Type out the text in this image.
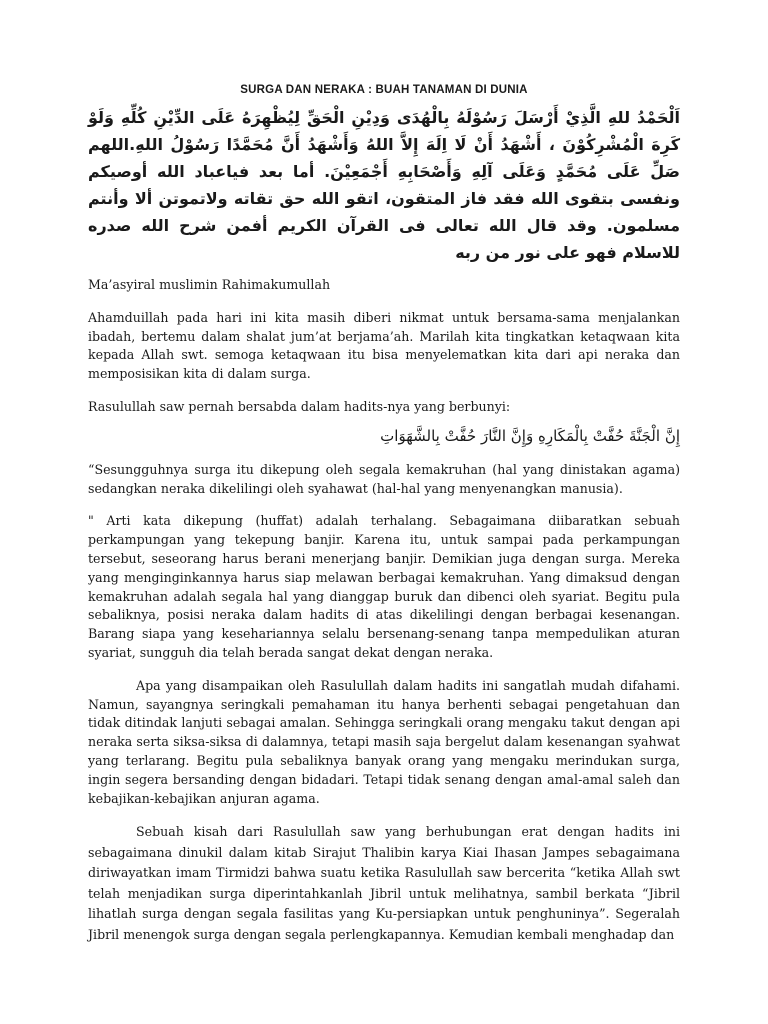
SURGA DAN NERAKA : BUAH TANAMAN DI DUNIA

اَلْحَمْدُ للهِ الَّذِيْ أَرْسَلَ رَسُوْلَهُ بِالْهُدَى وَدِيْنِ الْحَقِّ لِيُظْهِرَهُ عَلَى الدِّيْنِ كُلِّهِ وَلَوْ كَرِهَ الْمُشْرِكُوْنَ ، أَشْهَدُ أَنْ لَا اِلَهَ إِلاَّ اللهُ وَأَشْهَدُ أَنَّ مُحَمَّدًا رَسُوْلُ اللهِ.اللهم صَلِّ عَلَى مُحَمَّدٍ وَعَلَى آلِهِ وَأَصْحَابِهِ أَجْمَعِيْنَ. أما بعد فياعباد الله أوصيكم ونفسى بتقوى الله فقد فاز المتقون، اتقو الله حق تقاته ولاتموتن ألا وأنتم مسلمون. وقد قال الله تعالى فى القرآن الكريم أفمن شرح الله صدره للاسلام فهو على نور من ربه

Ma’asyiral muslimin Rahimakumullah

Ahamduillah pada hari ini kita masih diberi nikmat untuk bersama-sama menjalankan ibadah, bertemu dalam shalat jum’at berjama’ah. Marilah kita tingkatkan ketaqwaan kita kepada Allah swt. semoga ketaqwaan itu bisa menyelematkan kita dari api neraka dan memposisikan kita di dalam surga.

Rasulullah saw pernah bersabda dalam hadits-nya yang berbunyi:

إِنَّ الْجَنَّةَ حُفَّتْ بِالْمَكَارِهِ وَإِنَّ النَّارَ حُفَّتْ بِالشَّهَوَاتِ

“Sesungguhnya surga itu dikepung oleh segala kemakruhan (hal yang dinistakan agama) sedangkan neraka dikelilingi oleh syahawat (hal-hal yang menyenangkan manusia).

" Arti kata dikepung (huffat) adalah terhalang. Sebagaimana diibaratkan sebuah perkampungan yang tekepung banjir. Karena itu, untuk sampai pada perkampungan tersebut, seseorang harus berani menerjang banjir. Demikian juga dengan surga. Mereka yang menginginkannya harus siap melawan berbagai kemakruhan. Yang dimaksud dengan kemakruhan adalah segala hal yang dianggap buruk dan dibenci oleh syariat. Begitu pula sebaliknya, posisi neraka dalam hadits di atas dikelilingi dengan berbagai kesenangan. Barang siapa yang kesehariannya selalu bersenang-senang tanpa mempedulikan aturan syariat, sungguh dia telah berada sangat dekat dengan neraka.

Apa yang disampaikan oleh Rasulullah dalam hadits ini sangatlah mudah difahami. Namun, sayangnya seringkali pemahaman itu hanya berhenti sebagai pengetahuan dan tidak ditindak lanjuti sebagai amalan. Sehingga seringkali orang mengaku takut dengan api neraka serta siksa-siksa di dalamnya, tetapi masih saja bergelut dalam kesenangan syahwat yang terlarang. Begitu pula sebaliknya banyak orang yang mengaku merindukan surga, ingin segera bersanding dengan bidadari. Tetapi tidak senang dengan amal-amal saleh dan kebajikan-kebajikan anjuran agama.

Sebuah kisah dari Rasulullah saw yang berhubungan erat dengan hadits ini sebagaimana dinukil dalam kitab Sirajut Thalibin karya Kiai Ihasan Jampes sebagaimana diriwayatkan imam Tirmidzi bahwa suatu ketika Rasulullah saw bercerita “ketika Allah swt telah menjadikan surga diperintahkanlah Jibril untuk melihatnya, sambil berkata “Jibril lihatlah surga dengan segala fasilitas yang Ku-persiapkan untuk penghuninya”. Segeralah Jibril menengok surga dengan segala perlengkapannya. Kemudian kembali menghadap dan
